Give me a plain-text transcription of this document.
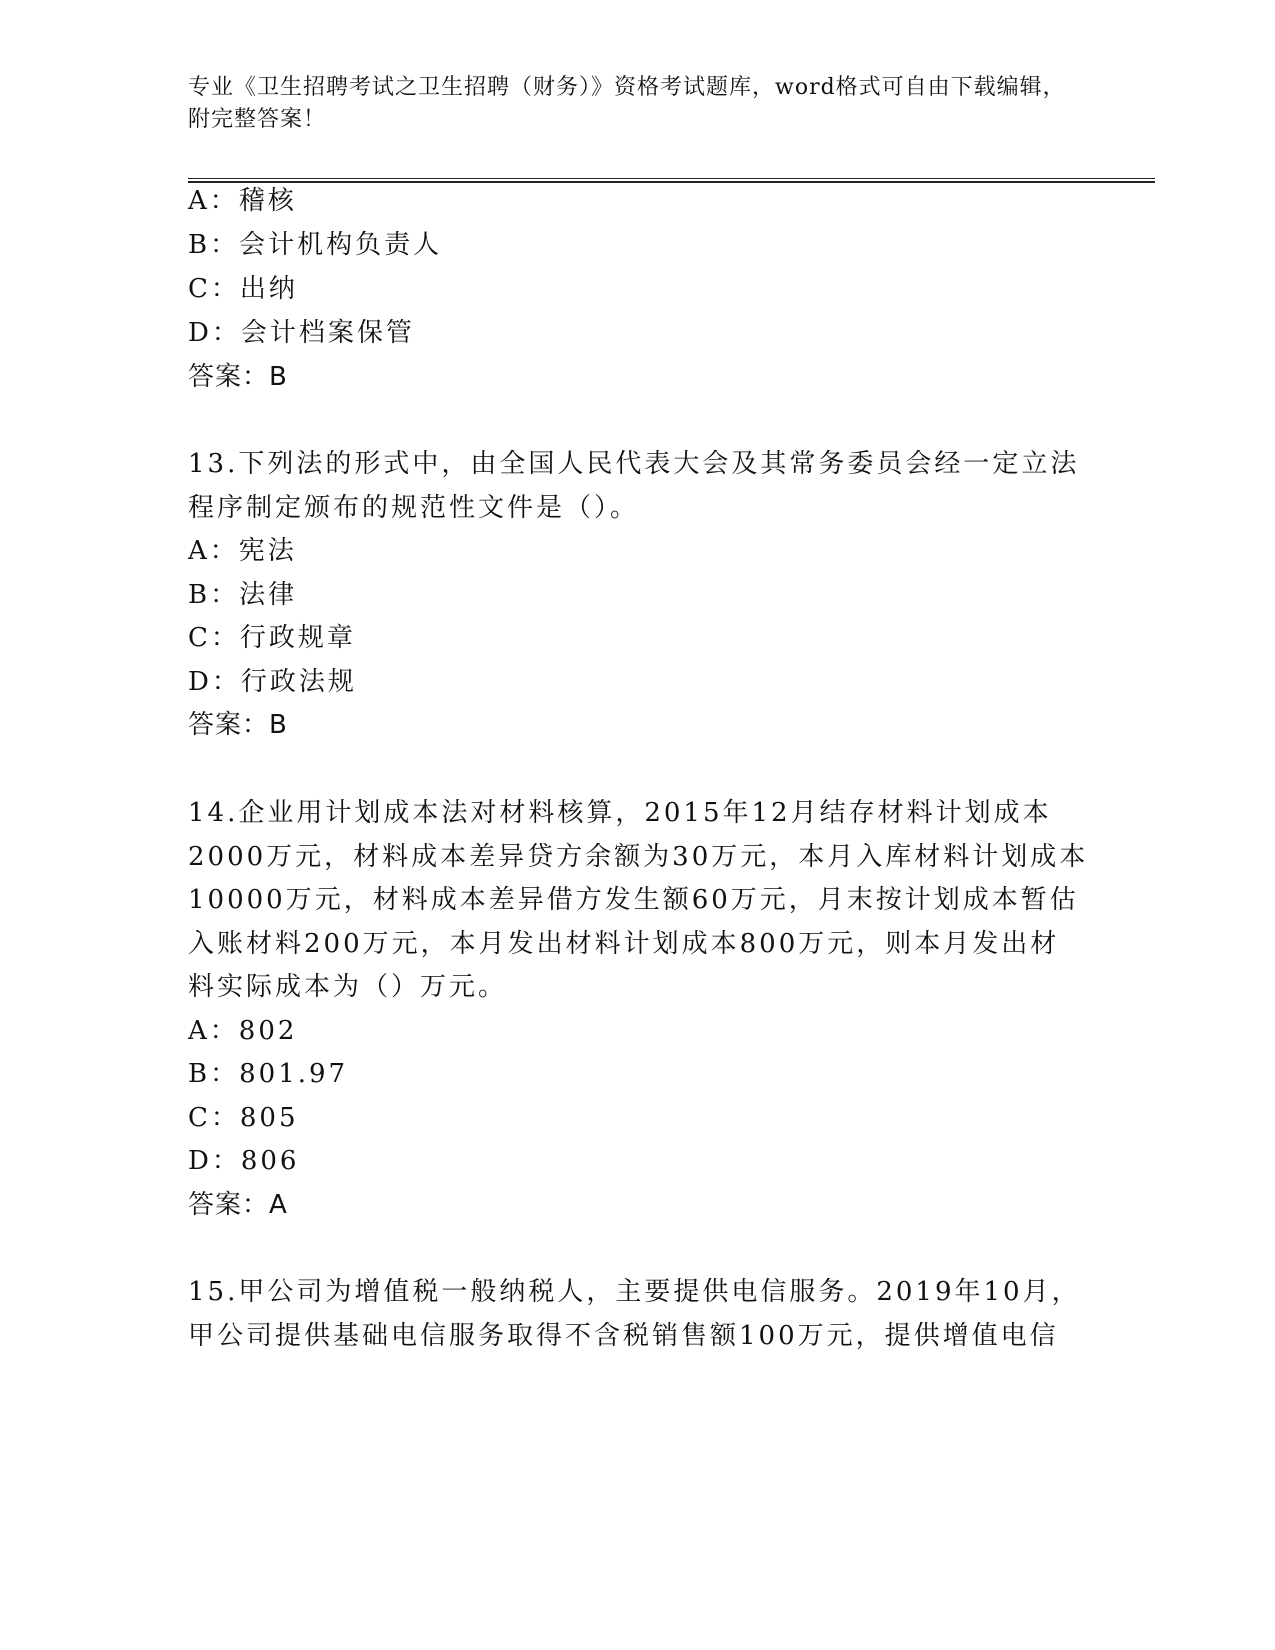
专业《卫生招聘考试之卫生招聘（财务）》资格考试题库，word格式可自由下载编辑，附完整答案！
A：稽核
B：会计机构负责人
C：出纳
D：会计档案保管
答案：B
13.下列法的形式中，由全国人民代表大会及其常务委员会经一定立法
程序制定颁布的规范性文件是（）。
A：宪法
B：法律
C：行政规章
D：行政法规
答案：B
14.企业用计划成本法对材料核算，2015年12月结存材料计划成本
2000万元，材料成本差异贷方余额为30万元，本月入库材料计划成本
10000万元，材料成本差异借方发生额60万元，月末按计划成本暂估
入账材料200万元，本月发出材料计划成本800万元，则本月发出材
料实际成本为（）万元。
A：802
B：801.97
C：805
D：806
答案：A
15.甲公司为增值税一般纳税人，主要提供电信服务。2019年10月，
甲公司提供基础电信服务取得不含税销售额100万元，提供增值电信
